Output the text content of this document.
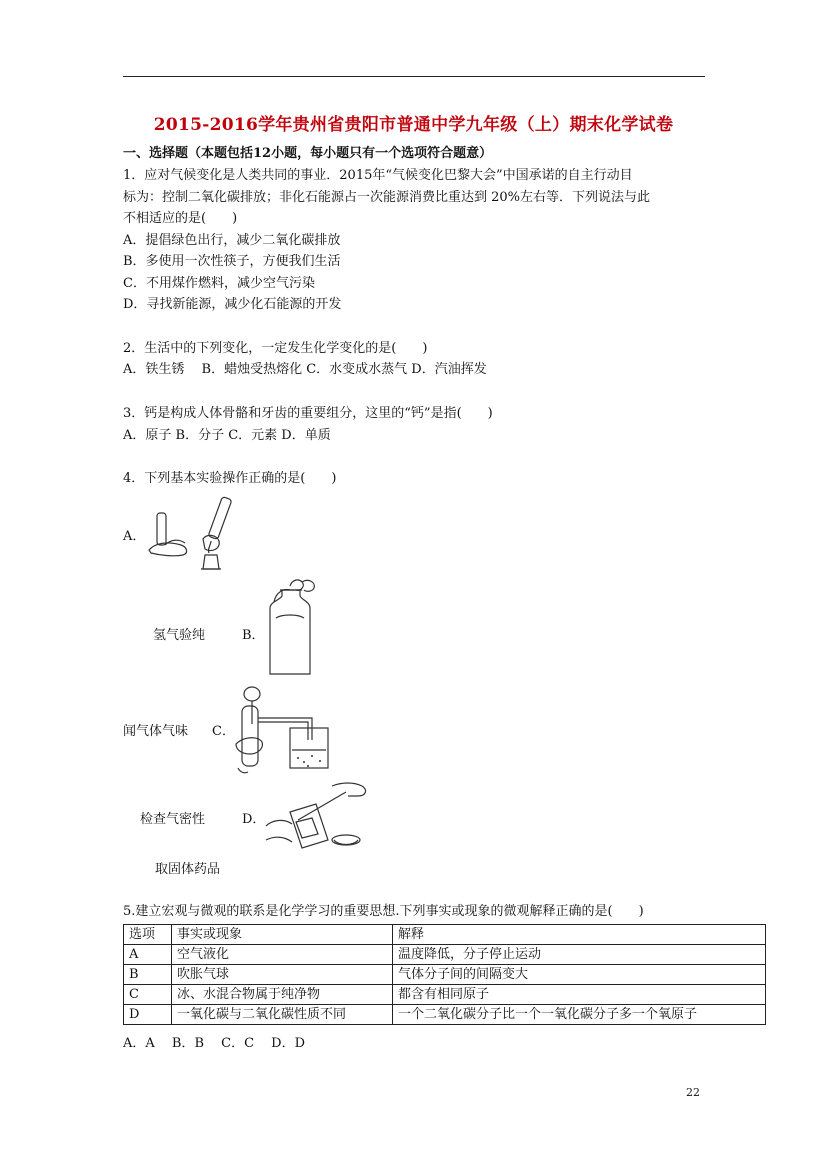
2015-2016学年贵州省贵阳市普通中学九年级（上）期末化学试卷
一、选择题（本题包括12小题，每小题只有一个选项符合题意）
1．应对气候变化是人类共同的事业．2015年“气候变化巴黎大会”中国承诺的自主行动目
标为：控制二氧化碳排放；非化石能源占一次能源消费比重达到 20%左右等．下列说法与此
不相适应的是(　　)
A．提倡绿色出行，减少二氧化碳排放
B．多使用一次性筷子，方便我们生活
C．不用煤作燃料，减少空气污染
D．寻找新能源，减少化石能源的开发
2．生活中的下列变化，一定发生化学变化的是(　　)
A．铁生锈　 B．蜡烛受热熔化 C．水变成水蒸气 D．汽油挥发
3．钙是构成人体骨骼和牙齿的重要组分，这里的“钙”是指(　　)
A．原子 B．分子 C．元素 D．单质
4．下列基本实验操作正确的是(　　)
A．
氢气验纯	B．
闻气体气味 C．
检查气密性	D．
取固体药品
5.建立宏观与微观的联系是化学学习的重要思想.下列事实或现象的微观解释正确的是(　　)
选项	事实或现象	解释
A	空气液化	温度降低，分子停止运动
B	吹胀气球	气体分子间的间隔变大
C	冰、水混合物属于纯净物	都含有相同原子
D	一氧化碳与二氧化碳性质不同	一个二氧化碳分子比一个一氧化碳分子多一个氧原子
A．A　 B．B　 C．C　 D．D
22
